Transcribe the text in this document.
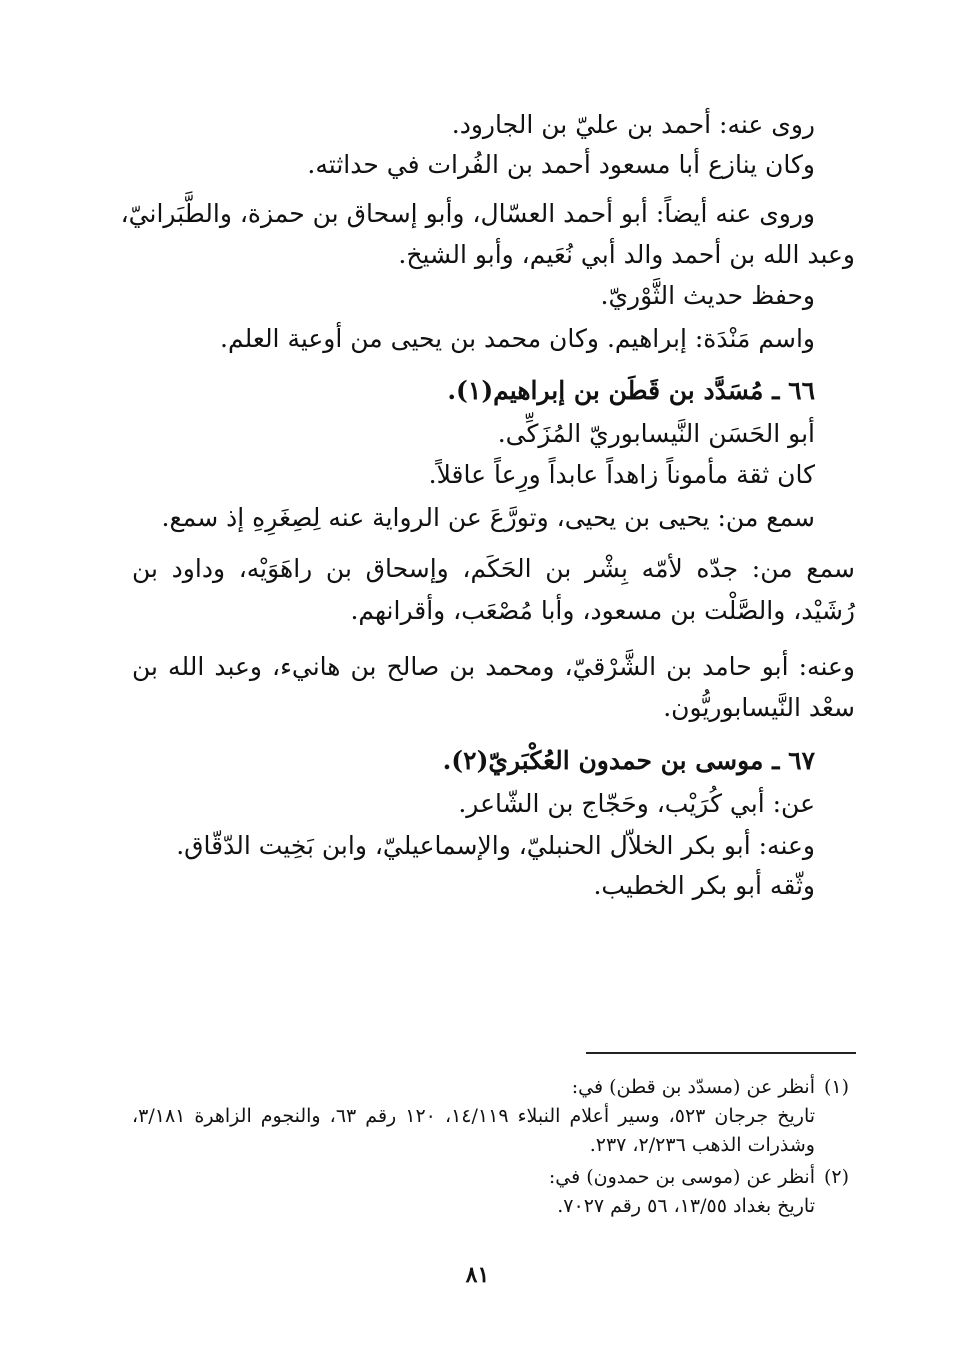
روى عنه: أحمد بن عليّ بن الجارود.
وكان ينازع أبا مسعود أحمد بن الفُرات في حداثته.
وروى عنه أيضاً: أبو أحمد العسّال، وأبو إسحاق بن حمزة، والطَّبَرانيّ،
وعبد الله بن أحمد والد أبي نُعَيم، وأبو الشيخ.
وحفظ حديث الثَّوْريّ.
واسم مَنْدَة: إبراهيم. وكان محمد بن يحيى من أوعية العلم.
٦٦ ـ مُسَدَّد بن قَطَن بن إبراهيم(١).
أبو الحَسَن النَّيسابوريّ المُزَكِّى.
كان ثقة مأموناً زاهداً عابداً ورِعاً عاقلاً.
سمع من: يحيى بن يحيى، وتورَّعَ عن الرواية عنه لِصِغَرِهِ إذ سمع.
سمع من: جدّه لأمّه بِشْر بن الحَكَم، وإسحاق بن راهَوَيْه، وداود بن
رُشَيْد، والصَّلْت بن مسعود، وأبا مُصْعَب، وأقرانهم.
وعنه: أبو حامد بن الشَّرْقيّ، ومحمد بن صالح بن هانيء، وعبد الله بن
سعْد النَّيسابوريُّون.
٦٧ ـ موسى بن حمدون العُكْبَريّ(٢).
عن: أبي كُرَيْب، وحَجّاج بن الشّاعر.
وعنه: أبو بكر الخلاّل الحنبليّ، والإسماعيليّ، وابن بَخِيت الدّقّاق.
وثّقه أبو بكر الخطيب.
(١)
أنظر عن (مسدّد بن قطن) في:
تاريخ جرجان ٥٢٣، وسير أعلام النبلاء ١٤/١١٩، ١٢٠ رقم ٦٣، والنجوم الزاهرة ٣/١٨١،
وشذرات الذهب ٢/٢٣٦، ٢٣٧.
(٢)
أنظر عن (موسى بن حمدون) في:
تاريخ بغداد ١٣/٥٥، ٥٦ رقم ٧٠٢٧.
٨١
